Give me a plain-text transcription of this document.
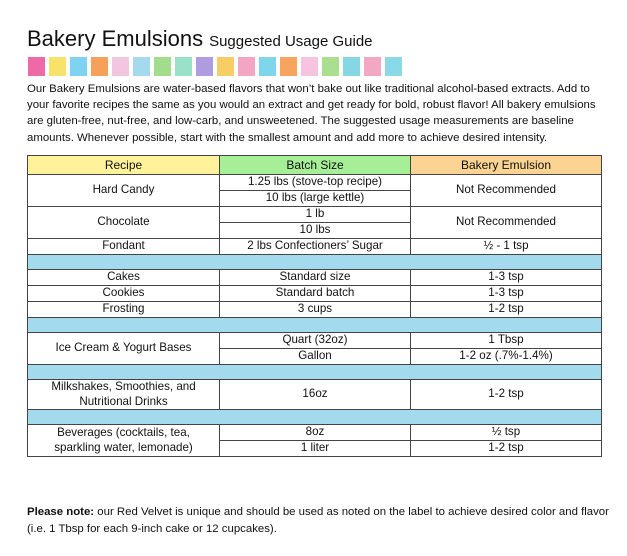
Bakery Emulsions Suggested Usage Guide
Our Bakery Emulsions are water-based flavors that won’t bake out like traditional alcohol-based extracts. Add to your favorite recipes the same as you would an extract and get ready for bold, robust flavor! All bakery emulsions are gluten-free, nut-free, and low-carb, and unsweetened. The suggested usage measurements are baseline amounts. Whenever possible, start with the smallest amount and add more to achieve desired intensity.
Recipe	Batch Size	Bakery Emulsion
Hard Candy	1.25 lbs (stove-top recipe)	Not Recommended
	10 lbs (large kettle)	
Chocolate	1 lb	Not Recommended
	10 lbs	
Fondant	2 lbs Confectioners’ Sugar	½ - 1 tsp

Cakes	Standard size	1-3 tsp
Cookies	Standard batch	1-3 tsp
Frosting	3 cups	1-2 tsp

Ice Cream & Yogurt Bases	Quart (32oz)	1 Tbsp
	Gallon	1-2 oz (.7%-1.4%)

Milkshakes, Smoothies, and
Nutritional Drinks	16oz	1-2 tsp

Beverages (cocktails, tea,
sparkling water, lemonade)	8oz	½ tsp
	1 liter	1-2 tsp
Please note: our Red Velvet is unique and should be used as noted on the label to achieve desired color and flavor (i.e. 1 Tbsp for each 9-inch cake or 12 cupcakes).
